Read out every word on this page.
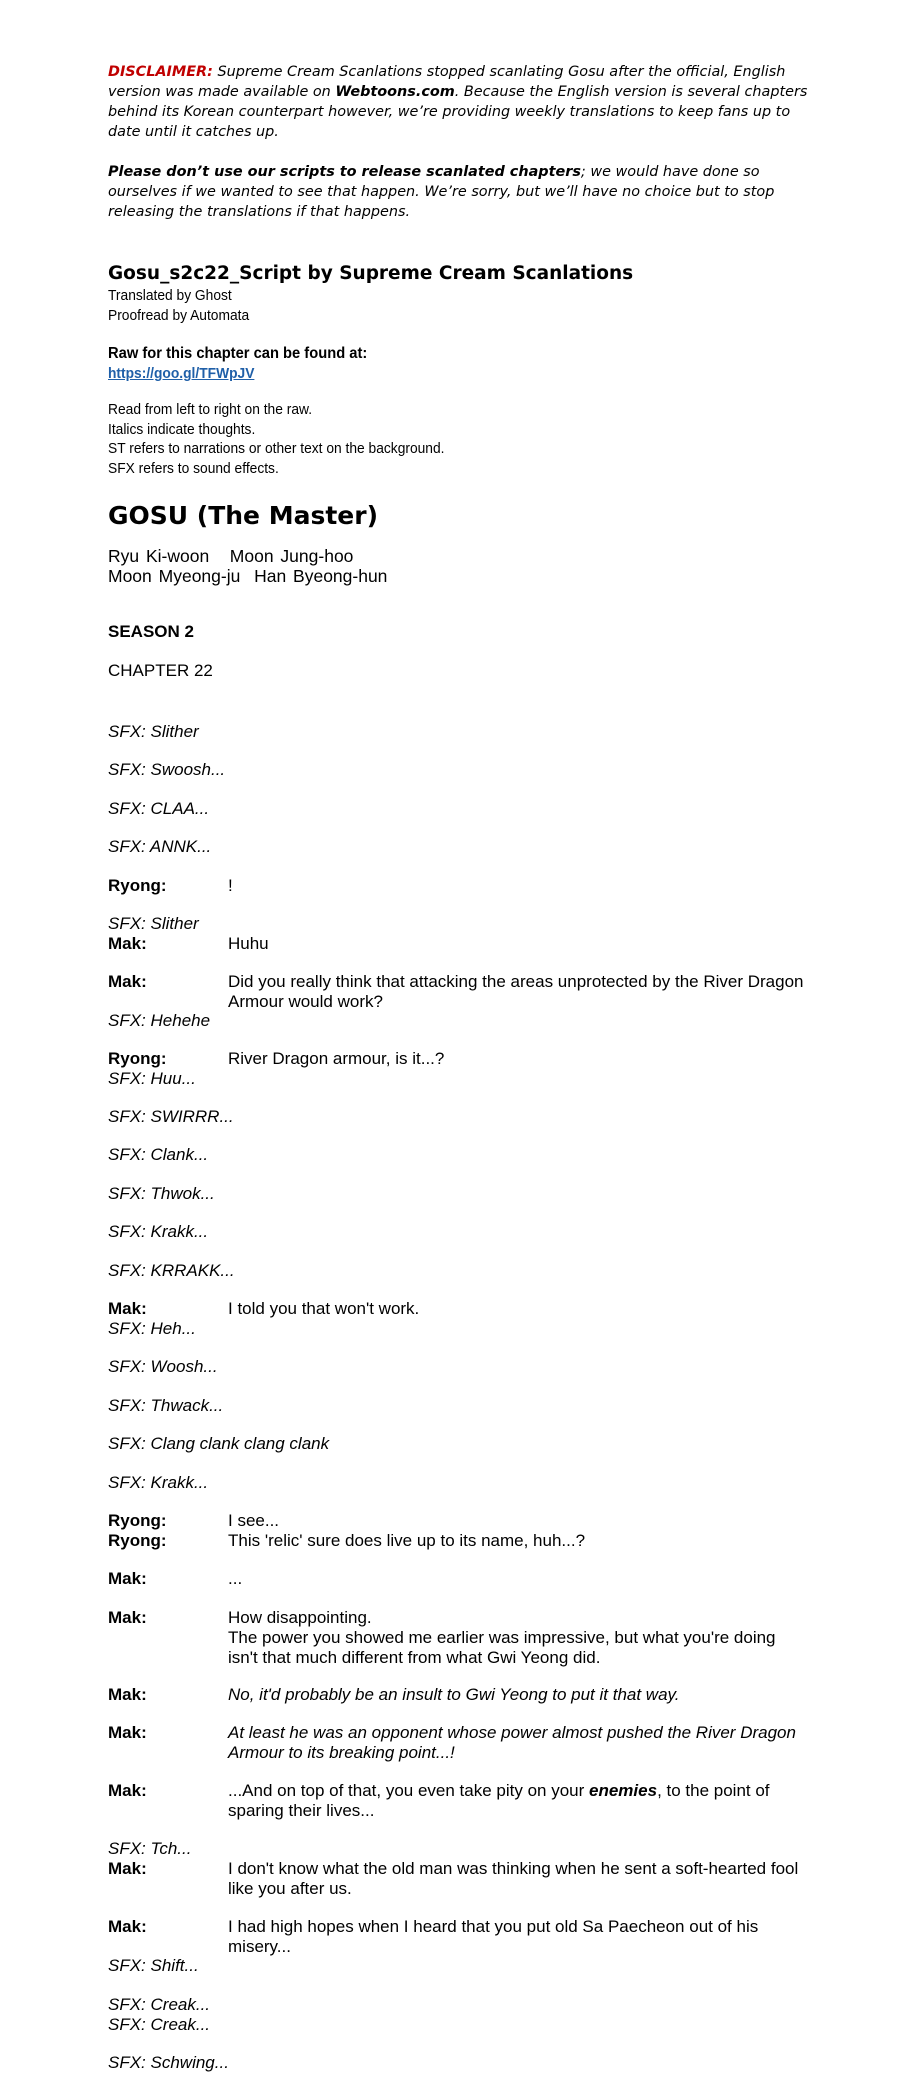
DISCLAIMER: Supreme Cream Scanlations stopped scanlating Gosu after the official, English version was made available on Webtoons.com. Because the English version is several chapters behind its Korean counterpart however, we’re providing weekly translations to keep fans up to date until it catches up.

Please don’t use our scripts to release scanlated chapters; we would have done so ourselves if we wanted to see that happen. We’re sorry, but we’ll have no choice but to stop releasing the translations if that happens.

Gosu_s2c22_Script by Supreme Cream Scanlations
Translated by Ghost
Proofread by Automata
Raw for this chapter can be found at:
https://goo.gl/TFWpJV
Read from left to right on the raw.
Italics indicate thoughts.
ST refers to narrations or other text on the background.
SFX refers to sound effects.
GOSU (The Master)
Ryu Ki-woon   Moon Jung-hoo
Moon Myeong-ju  Han Byeong-hun
SEASON 2
CHAPTER 22
SFX: Slither
SFX: Swoosh...
SFX: CLAA...
SFX: ANNK...
Ryong:	!
SFX: Slither
Mak:	Huhu
Mak:	Did you really think that attacking the areas unprotected by the River Dragon Armour would work?
SFX: Hehehe
Ryong:	River Dragon armour, is it...?
SFX: Huu...
SFX: SWIRRR...
SFX: Clank...
SFX: Thwok...
SFX: Krakk...
SFX: KRRAKK...
Mak:	I told you that won't work.
SFX: Heh...
SFX: Woosh...
SFX: Thwack...
SFX: Clang clank clang clank
SFX: Krakk...
Ryong:	I see...
Ryong:	This 'relic' sure does live up to its name, huh...?
Mak:	...
Mak:	How disappointing.
The power you showed me earlier was impressive, but what you're doing isn't that much different from what Gwi Yeong did.
Mak:	No, it'd probably be an insult to Gwi Yeong to put it that way.
Mak:	At least he was an opponent whose power almost pushed the River Dragon Armour to its breaking point...!
Mak:	...And on top of that, you even take pity on your enemies, to the point of sparing their lives...
SFX: Tch...
Mak:	I don't know what the old man was thinking when he sent a soft-hearted fool like you after us.
Mak:	I had high hopes when I heard that you put old Sa Paecheon out of his misery...
SFX: Shift...
SFX: Creak...
SFX: Creak...
SFX: Schwing...
